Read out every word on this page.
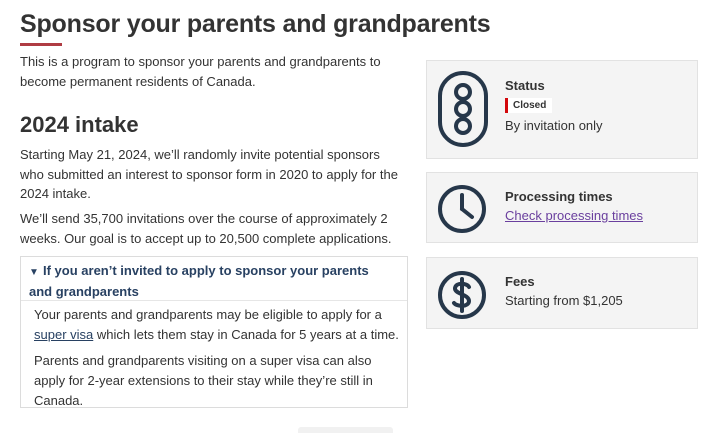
Sponsor your parents and grandparents

This is a program to sponsor your parents and grandparents to become permanent residents of Canada.

2024 intake

Starting May 21, 2024, we’ll randomly invite potential sponsors who submitted an interest to sponsor form in 2020 to apply for the 2024 intake.

We’ll send 35,700 invitations over the course of approximately 2 weeks. Our goal is to accept up to 20,500 complete applications.

▼ If you aren’t invited to apply to sponsor your parents and grandparents

Your parents and grandparents may be eligible to apply for a super visa which lets them stay in Canada for 5 years at a time.

Parents and grandparents visiting on a super visa can also apply for 2-year extensions to their stay while they’re still in Canada.

Status
Closed
By invitation only
Processing times
Check processing times
Fees
Starting from $1,205
